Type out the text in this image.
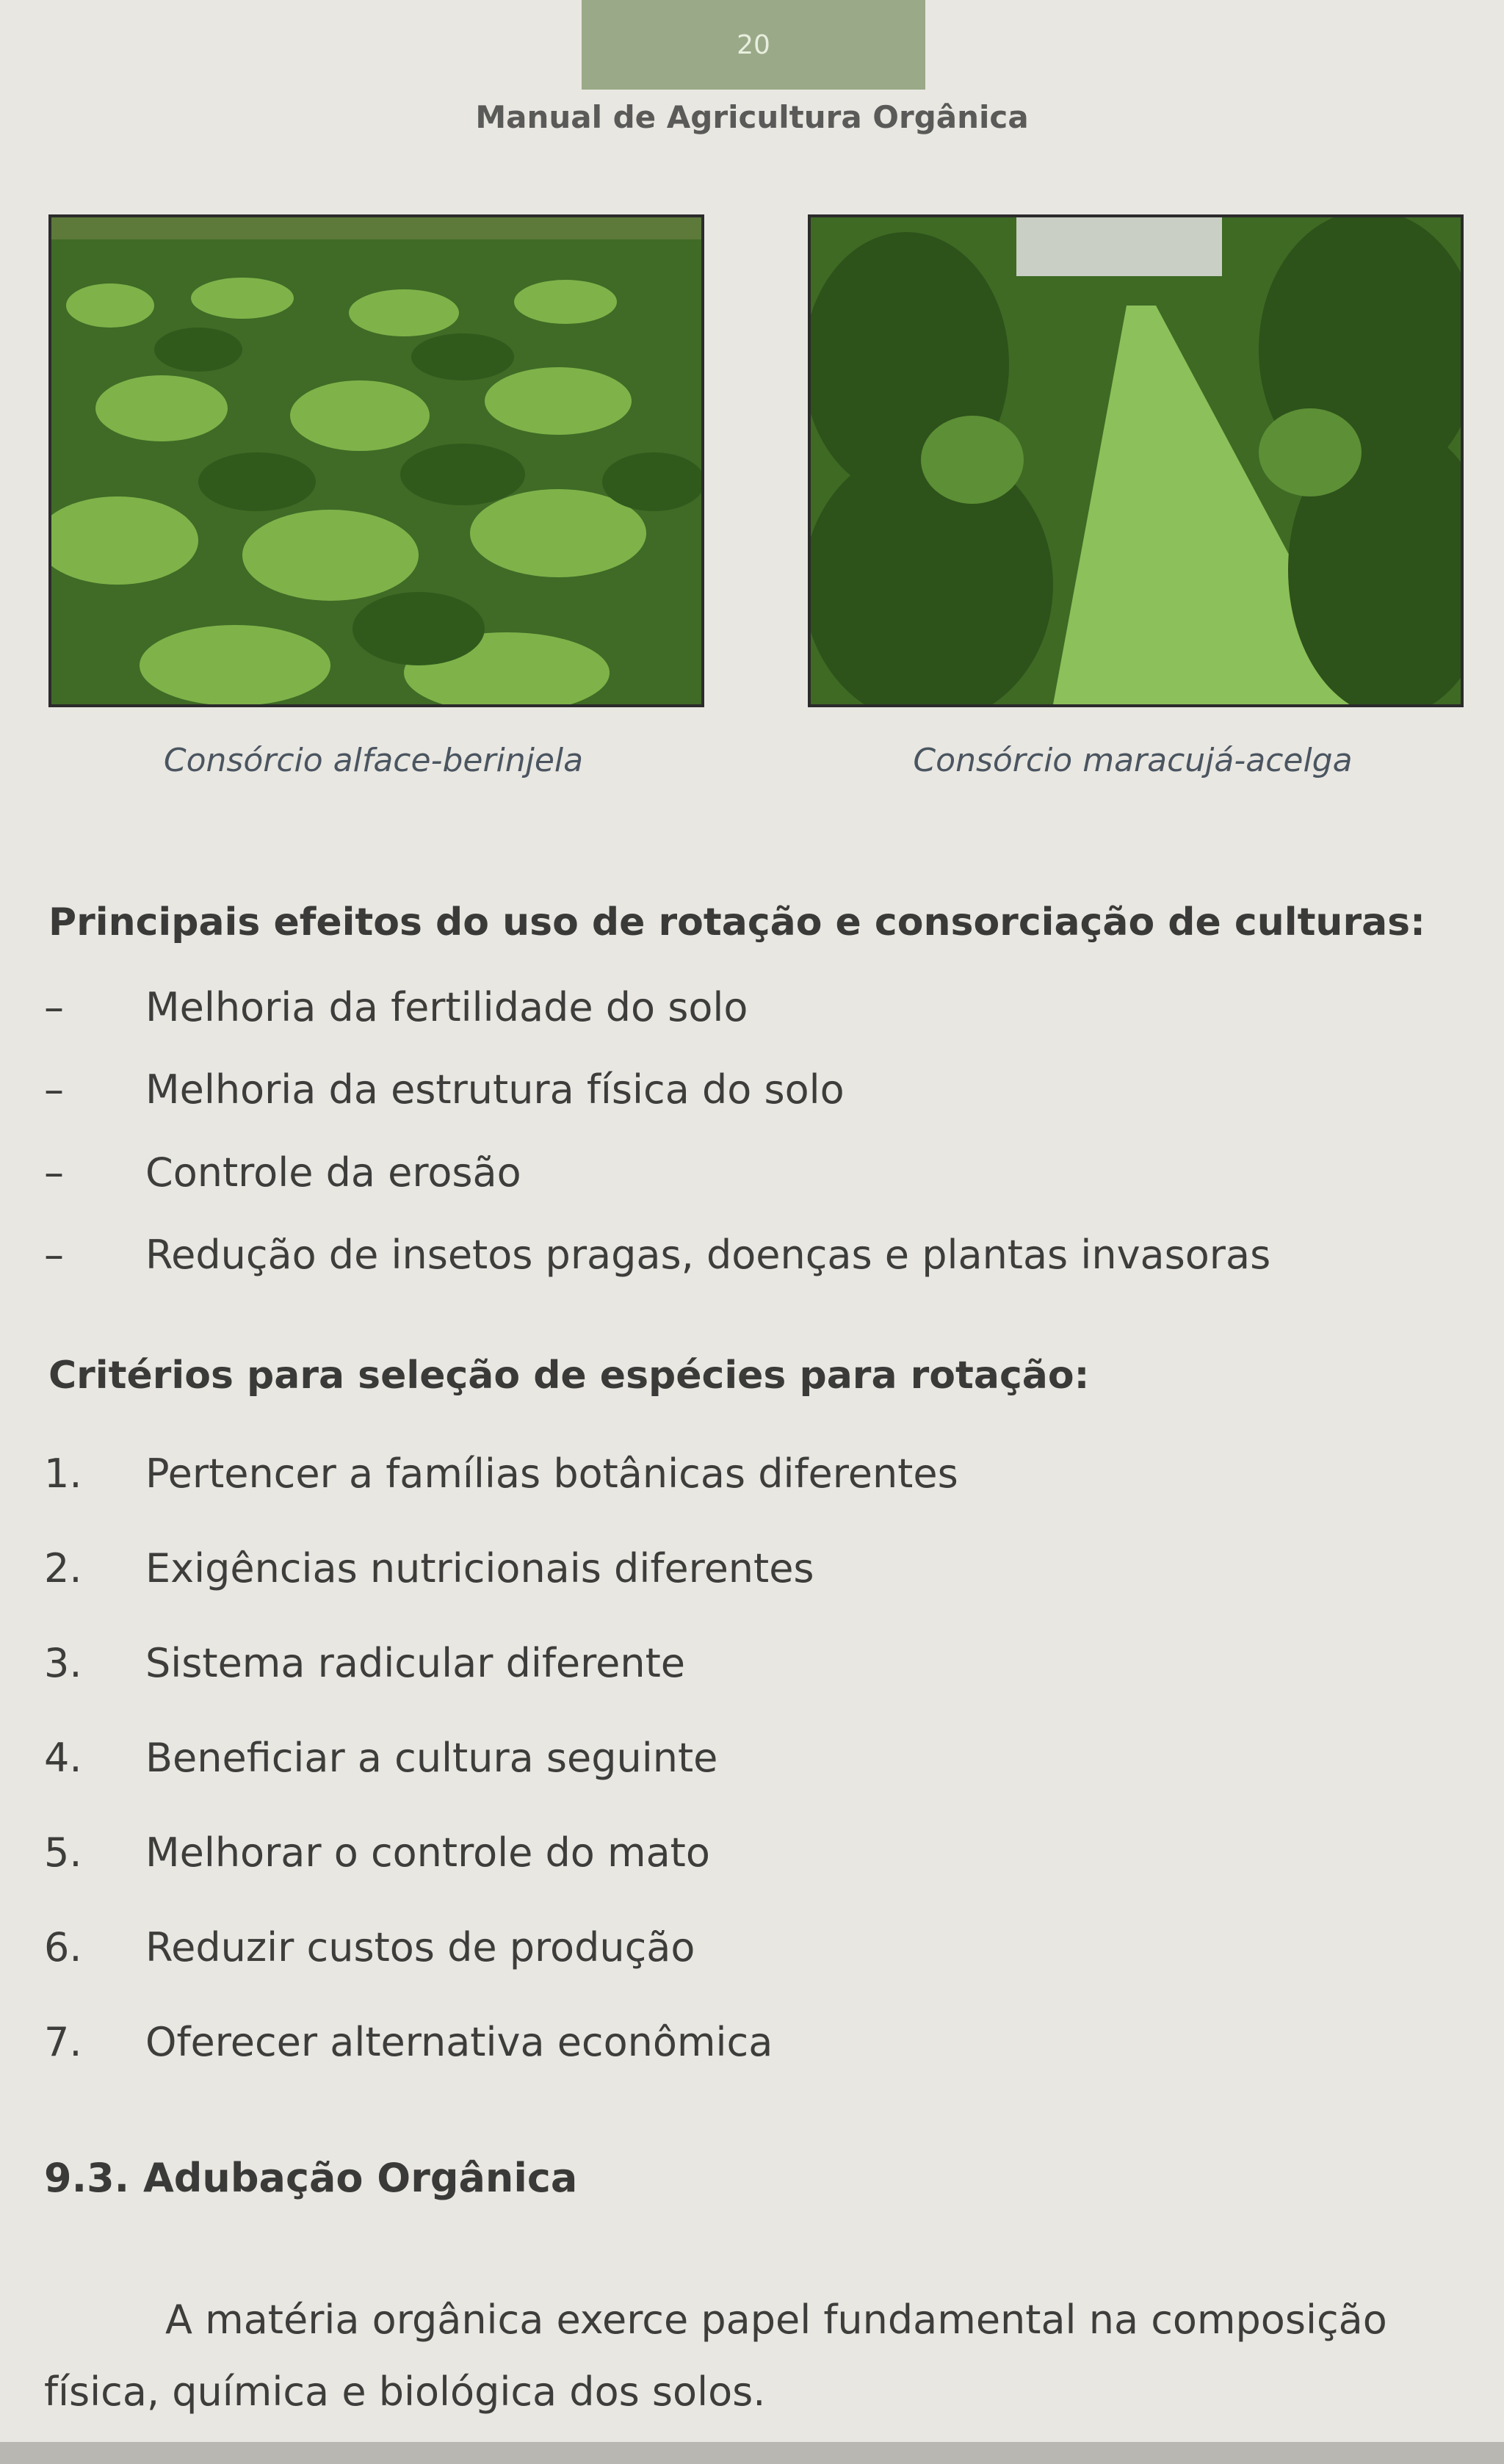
20
Manual de Agricultura Orgânica
Consórcio alface-berinjela	Consórcio maracujá-acelga
Principais efeitos do uso de rotação e consorciação de culturas:
–	Melhoria da fertilidade do solo
–	Melhoria da estrutura física do solo
–	Controle da erosão
–	Redução de insetos pragas, doenças e plantas invasoras
Critérios para seleção de espécies para rotação:
1.	Pertencer a famílias botânicas diferentes
2.	Exigências nutricionais diferentes
3.	Sistema radicular diferente
4.	Beneficiar a cultura seguinte
5.	Melhorar o controle do mato
6.	Reduzir custos de produção
7.	Oferecer alternativa econômica
9.3. Adubação Orgânica
A matéria orgânica exerce papel fundamental na composição física, química e biológica dos solos.
